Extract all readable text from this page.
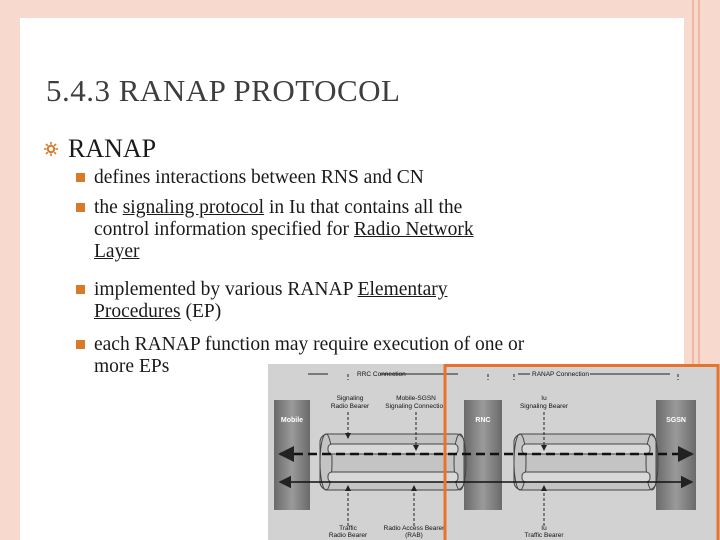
5.4.3 RANAP PROTOCOL
RANAP
defines interactions between RNS and CN
the signaling protocol in Iu that contains all the
control information specified for Radio Network
Layer
implemented by various RANAP Elementary
Procedures (EP)
each RANAP function may require execution of one or
more EPs	RRC Connection	RANAP Connection
Signaling
Radio Bearer
Mobile-SGSN
Signaling Connection
Iu
Signaling Bearer
Traffic
Radio Bearer
Radio Access Bearer
(RAB)
Iu
Traffic Bearer
Mobile	RNC	SGSN
